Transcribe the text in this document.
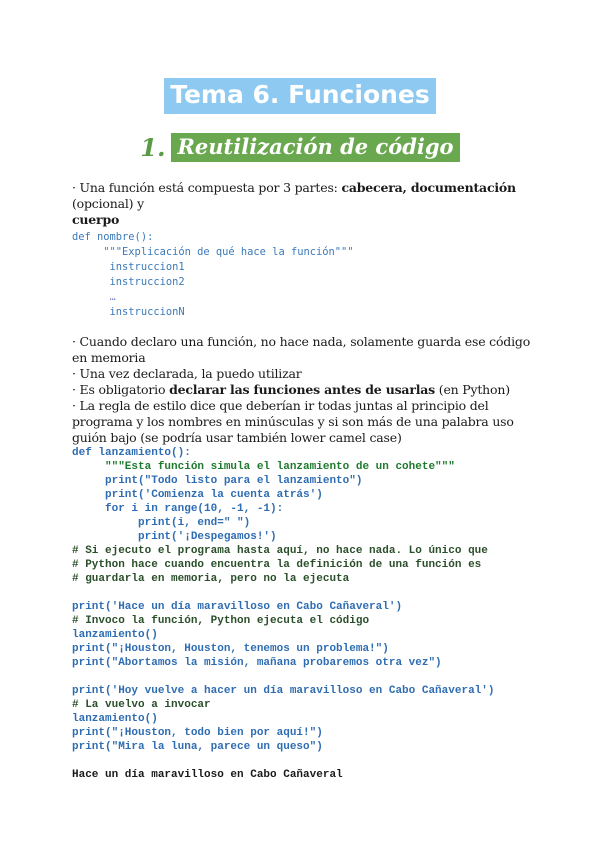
Tema 6. Funciones
1. Reutilización de código

· Una función está compuesta por 3 partes: cabecera, documentación (opcional) y
cuerpo

def nombre():
"""Explicación de qué hace la función"""
instruccion1
instruccion2
…
instruccionN

· Cuando declaro una función, no hace nada, solamente guarda ese código en memoria

· Una vez declarada, la puedo utilizar

· Es obligatorio declarar las funciones antes de usarlas (en Python)

· La regla de estilo dice que deberían ir todas juntas al principio del programa y los nombres en minúsculas y si son más de una palabra uso guión bajo (se podría usar también lower camel case)

def lanzamiento():
"""Esta función simula el lanzamiento de un cohete"""
print("Todo listo para el lanzamiento")
print('Comienza la cuenta atrás')
for i in range(10, -1, -1):
print(i, end=" ")
print('¡Despegamos!')
# Si ejecuto el programa hasta aquí, no hace nada. Lo único que
# Python hace cuando encuentra la definición de una función es
# guardarla en memoria, pero no la ejecuta
print('Hace un día maravilloso en Cabo Cañaveral')
# Invoco la función, Python ejecuta el código
lanzamiento()
print("¡Houston, Houston, tenemos un problema!")
print("Abortamos la misión, mañana probaremos otra vez")
print('Hoy vuelve a hacer un día maravilloso en Cabo Cañaveral')
# La vuelvo a invocar
lanzamiento()
print("¡Houston, todo bien por aquí!")
print("Mira la luna, parece un queso")
Hace un día maravilloso en Cabo Cañaveral
